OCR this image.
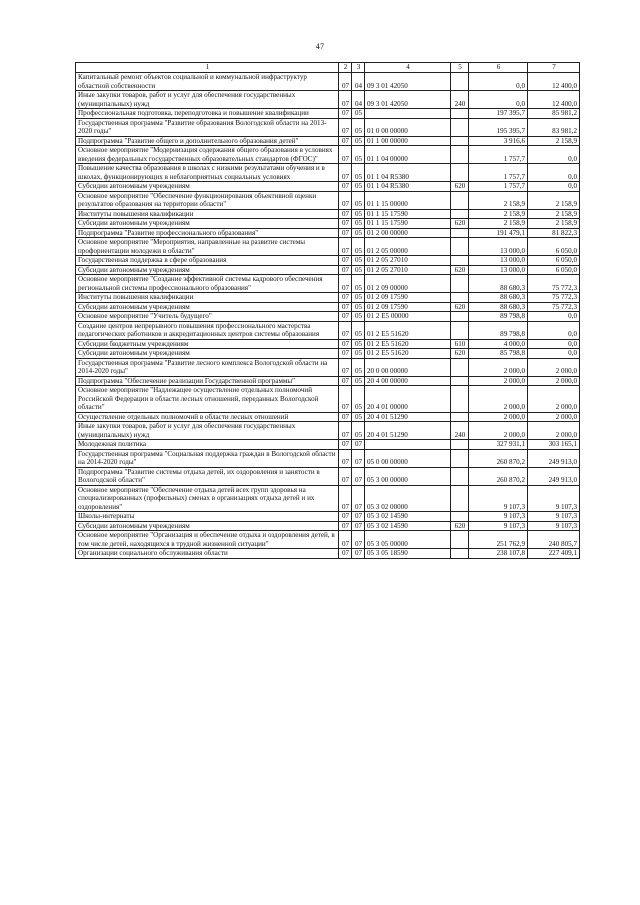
47
1	2	3	4	5	6	7
Капитальный ремонт объектов социальной и коммунальной инфраструктур областной собственности	07	04	09 3 01 42050		0,0	12 400,0
Иные закупки товаров, работ и услуг для обеспечения государственных (муниципальных) нужд	07	04	09 3 01 42050	240	0,0	12 400,0
Профессиональная подготовка, переподготовка и повышение квалификации	07	05			197 395,7	85 981,2
Государственная программа "Развитие образования Вологодской области на 2013-2020 годы"	07	05	01 0 00 00000		195 395,7	83 981,2
Подпрограмма "Развитие общего и дополнительного образования детей"	07	05	01 1 00 00000		3 916,6	2 158,9
Основное мероприятие "Модернизация содержания общего образования в условиях введения федеральных государственных образовательных стандартов (ФГОС)"	07	05	01 1 04 00000		1 757,7	0,0
Повышение качества образования в школах с низкими результатами обучения и в школах, функционирующих в неблагоприятных социальных условиях	07	05	01 1 04 R5380		1 757,7	0,0
Субсидии автономным учреждениям	07	05	01 1 04 R5380	620	1 757,7	0,0
Основное мероприятие "Обеспечение функционирования объективной оценки результатов образования на территории области"	07	05	01 1 15 00000		2 158,9	2 158,9
Институты повышения квалификации	07	05	01 1 15 17590		2 158,9	2 158,9
Субсидии автономным учреждениям	07	05	01 1 15 17590	620	2 158,9	2 158,9
Подпрограмма "Развитие профессионального образования"	07	05	01 2 00 00000		191 479,1	81 822,3
Основное мероприятие "Мероприятия, направленные на развитие системы профориентации молодежи в области"	07	05	01 2 05 00000		13 000,0	6 050,0
Государственная поддержка в сфере образования	07	05	01 2 05 27010		13 000,0	6 050,0
Субсидии автономным учреждениям	07	05	01 2 05 27010	620	13 000,0	6 050,0
Основное мероприятие "Создание эффективной системы кадрового обеспечения региональной системы профессионального образования"	07	05	01 2 09 00000		88 680,3	75 772,3
Институты повышения квалификации	07	05	01 2 09 17590		88 680,3	75 772,3
Субсидии автономным учреждениям	07	05	01 2 09 17590	620	88 680,3	75 772,3
Основное мероприятие "Учитель будущего"	07	05	01 2 E5 00000		89 798,8	0,0
Создание центров непрерывного повышения профессионального мастерства педагогических работников и аккредитационных центров системы образования	07	05	01 2 E5 51620		89 798,8	0,0
Субсидии бюджетным учреждениям	07	05	01 2 E5 51620	610	4 000,0	0,0
Субсидии автономным учреждениям	07	05	01 2 E5 51620	620	85 798,8	0,0
Государственная программа "Развитие лесного комплекса Вологодской области на 2014-2020 годы"	07	05	20 0 00 00000		2 000,0	2 000,0
Подпрограмма "Обеспечение реализации Государственной программы"	07	05	20 4 00 00000		2 000,0	2 000,0
Основное мероприятие "Надлежащее осуществление отдельных полномочий Российской Федерации в области лесных отношений, переданных Вологодской области"	07	05	20 4 01 00000		2 000,0	2 000,0
Осуществление отдельных полномочий в области лесных отношений	07	05	20 4 01 51290		2 000,0	2 000,0
Иные закупки товаров, работ и услуг для обеспечения государственных (муниципальных) нужд	07	05	20 4 01 51290	240	2 000,0	2 000,0
Молодежная политика	07	07			327 931,1	303 165,1
Государственная программа "Социальная поддержка граждан в Вологодской области на 2014-2020 годы"	07	07	05 0 00 00000		260 870,2	249 913,0
Подпрограмма "Развитие системы отдыха детей, их оздоровления и занятости в Вологодской области"	07	07	05 3 00 00000		260 870,2	249 913,0
Основное мероприятие "Обеспечение отдыха детей всех групп здоровья на специализированных (профильных) сменах в организациях отдыха детей и их оздоровления"	07	07	05 3 02 00000		9 107,3	9 107,3
Школы-интернаты	07	07	05 3 02 14590		9 107,3	9 107,3
Субсидии автономным учреждениям	07	07	05 3 02 14590	620	9 107,3	9 107,3
Основное мероприятие "Организация и обеспечение отдыха и оздоровления детей, в том числе детей, находящихся в трудной жизненной ситуации"	07	07	05 3 05 00000		251 762,9	240 805,7
Организации социального обслуживания области	07	07	05 3 05 18590		238 107,8	227 409,1
